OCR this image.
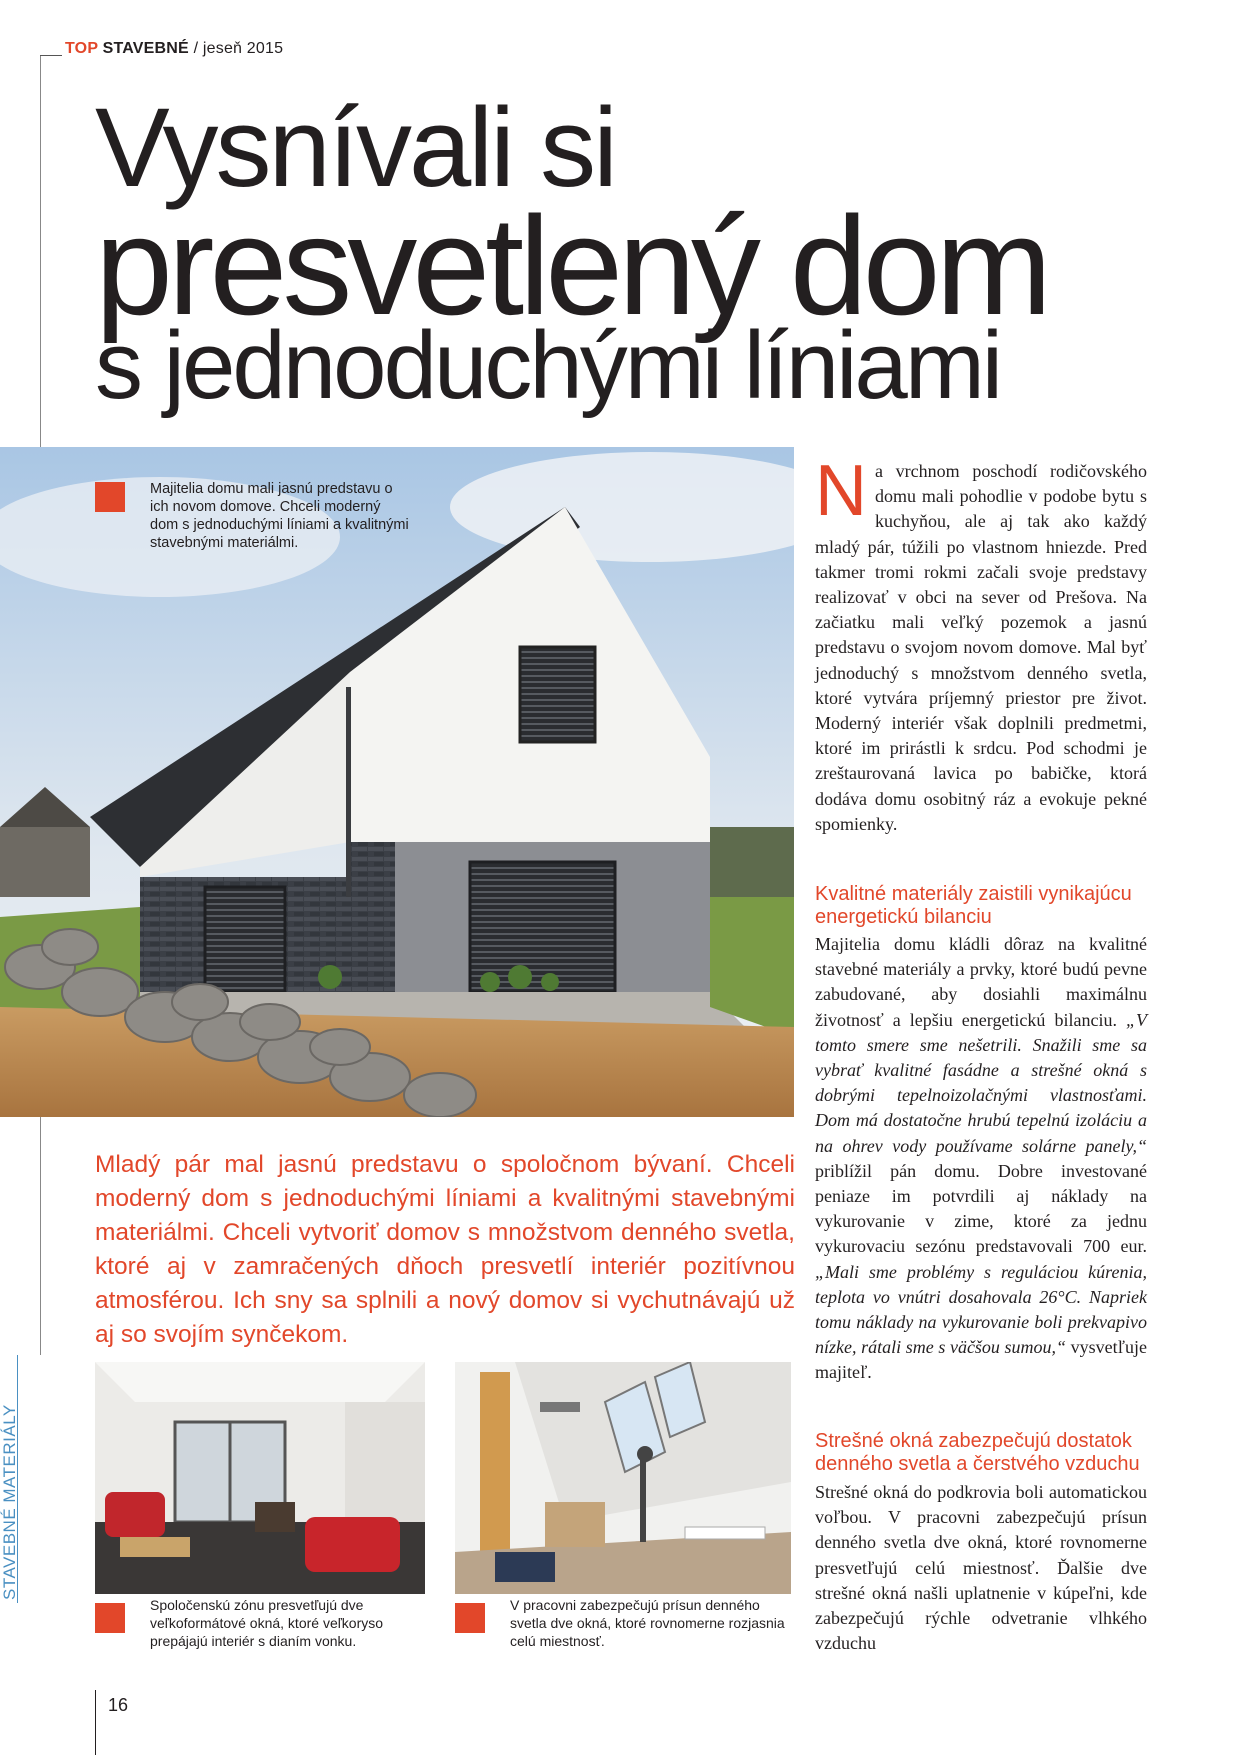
TOP STAVEBNÉ / jeseň 2015
Vysnívali si
presvetlený dom
s jednoduchými líniami
Majitelia domu mali jasnú predstavu o ich novom domove. Chceli moderný dom s jednoduchými líniami a kvalitnými stavebnými materiálmi.
Mladý pár mal jasnú predstavu o spoločnom bývaní. Chceli moderný dom s jednoduchými líniami a kvalitnými stavebnými materiálmi. Chceli vytvoriť domov s množstvom denného svetla, ktoré aj v zamračených dňoch presvetlí interiér pozitívnou atmosférou. Ich sny sa splnili a nový domov si vychutnávajú už aj so svojím synčekom.
Spoločenskú zónu presvetľujú dve veľkoformátové okná, ktoré veľkoryso prepájajú interiér s dianím vonku.
V pracovni zabezpečujú prísun denného svetla dve okná, ktoré rovnomerne rozjasnia celú miestnosť.
STAVEBNÉ MATERIÁLY
16
N a vrchnom poschodí rodičovského domu mali pohodlie v podobe bytu s kuchyňou, ale aj tak ako každý mladý pár, túžili po vlastnom hniezde. Pred takmer tromi rokmi začali svoje predstavy realizovať v obci na sever od Prešova. Na začiatku mali veľký pozemok a jasnú predstavu o svojom novom domove. Mal byť jednoduchý s množstvom denného svetla, ktoré vytvára príjemný priestor pre život. Moderný interiér však doplnili predmetmi, ktoré im prirástli k srdcu. Pod schodmi je zreštaurovaná lavica po babičke, ktorá dodáva domu osobitný ráz a evokuje pekné spomienky.
Kvalitné materiály zaistili vynikajúcu energetickú bilanciu
Majitelia domu kládli dôraz na kvalitné stavebné materiály a prvky, ktoré budú pevne zabudované, aby dosiahli maximálnu životnosť a lepšiu energetickú bilanciu. „V tomto smere sme nešetrili. Snažili sme sa vybrať kvalitné fasádne a strešné okná s dobrými tepelnoizolačnými vlastnosťami. Dom má dostatočne hrubú tepelnú izoláciu a na ohrev vody používame solárne panely,“ priblížil pán domu. Dobre investované peniaze im potvrdili aj náklady na vykurovanie v zime, ktoré za jednu vykurovaciu sezónu predstavovali 700 eur. „Mali sme problémy s reguláciou kúrenia, teplota vo vnútri dosahovala 26°C. Napriek tomu náklady na vykurovanie boli prekvapivo nízke, rátali sme s väčšou sumou,“ vysvetľuje majiteľ.
Strešné okná zabezpečujú dostatok denného svetla a čerstvého vzduchu
Strešné okná do podkrovia boli automatickou voľbou. V pracovni zabezpečujú prísun denného svetla dve okná, ktoré rovnomerne presvetľujú celú miestnosť. Ďalšie dve strešné okná našli uplatnenie v kúpeľni, kde zabezpečujú rýchle odvetranie vlhkého vzduchu
